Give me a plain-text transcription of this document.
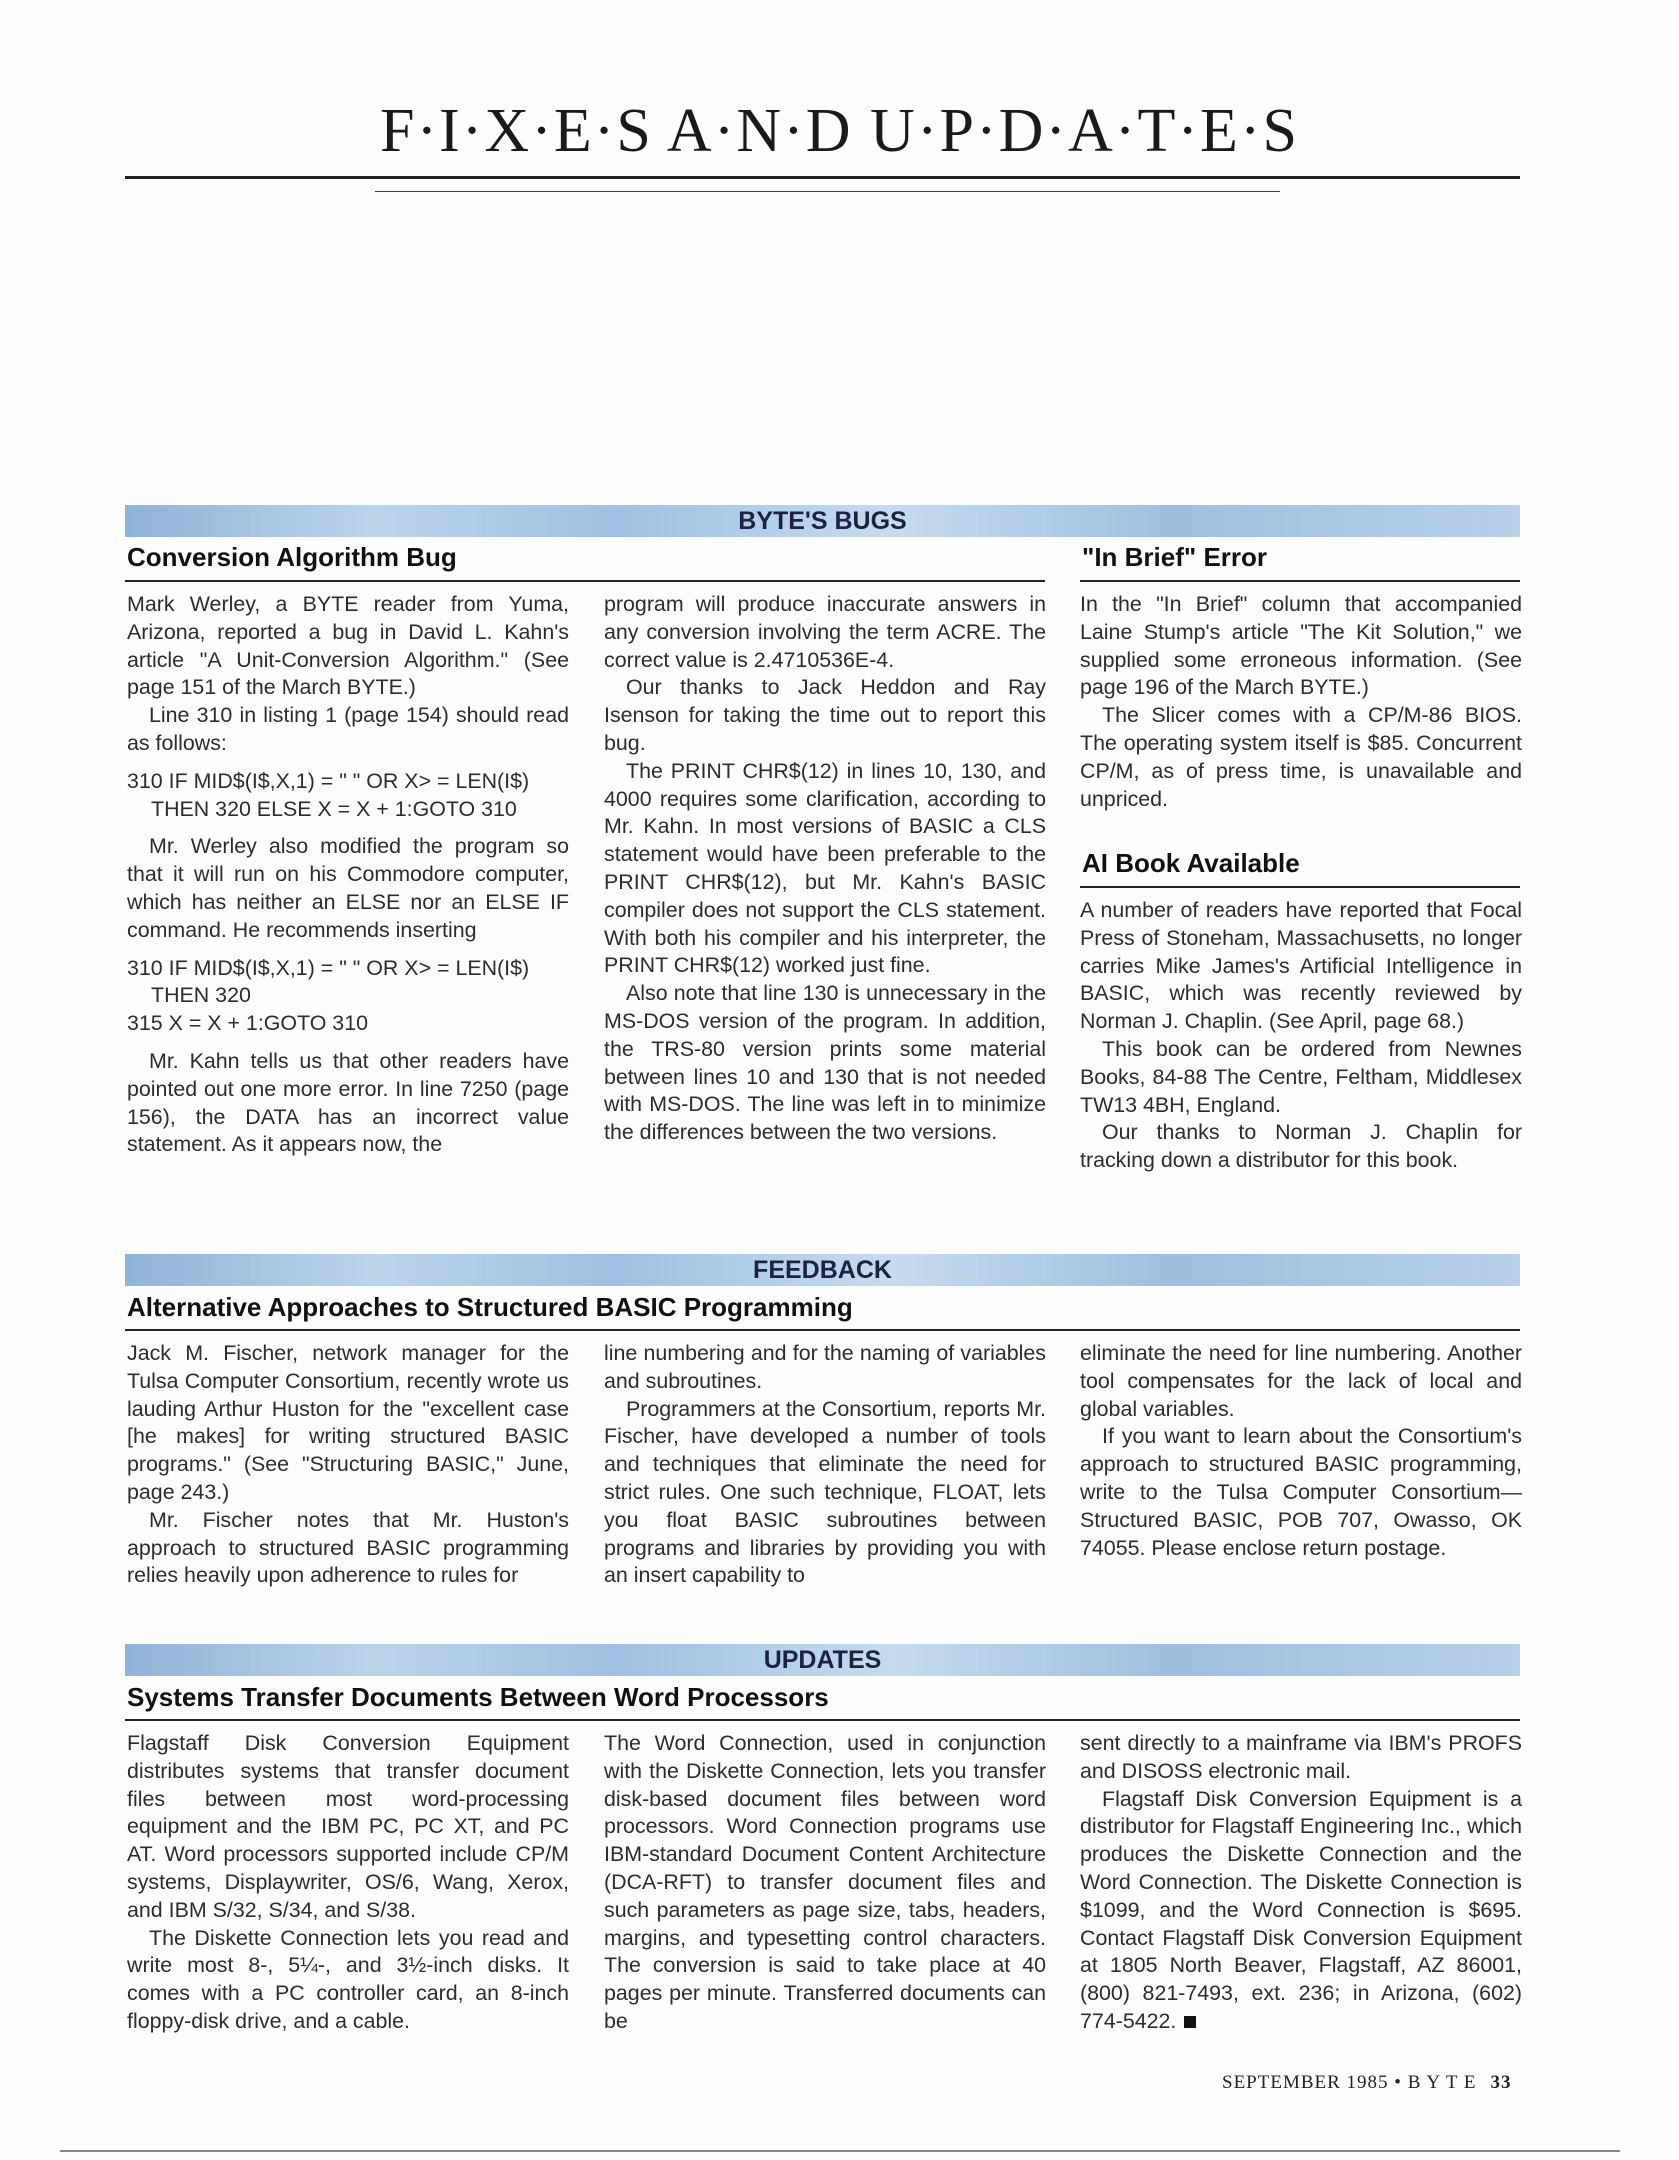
F·I·X·E·S A·N·D U·P·D·A·T·E·S
BYTE'S BUGS
Conversion Algorithm Bug	"In Brief" Error

Mark Werley, a BYTE reader from Yuma, Arizona, reported a bug in David L. Kahn's article "A Unit-Conversion Algorithm." (See page 151 of the March BYTE.)

Line 310 in listing 1 (page 154) should read as follows:

310 IF MID$(I$,X,1) = " " OR X> = LEN(I$)
THEN 320 ELSE X = X + 1:GOTO 310

Mr. Werley also modified the program so that it will run on his Commodore computer, which has neither an ELSE nor an ELSE IF command. He recommends inserting

310 IF MID$(I$,X,1) = " " OR X> = LEN(I$)
THEN 320
315 X = X + 1:GOTO 310

Mr. Kahn tells us that other readers have pointed out one more error. In line 7250 (page 156), the DATA has an incorrect value statement. As it appears now, the

program will produce inaccurate answers in any conversion involving the term ACRE. The correct value is 2.4710536E-4.

Our thanks to Jack Heddon and Ray Isenson for taking the time out to report this bug.

The PRINT CHR$(12) in lines 10, 130, and 4000 requires some clarification, according to Mr. Kahn. In most versions of BASIC a CLS statement would have been preferable to the PRINT CHR$(12), but Mr. Kahn's BASIC compiler does not support the CLS statement. With both his compiler and his interpreter, the PRINT CHR$(12) worked just fine.

Also note that line 130 is unnecessary in the MS-DOS version of the program. In addition, the TRS-80 version prints some material between lines 10 and 130 that is not needed with MS-DOS. The line was left in to minimize the differences between the two versions.

In the "In Brief" column that accompanied Laine Stump's article "The Kit Solution," we supplied some erroneous information. (See page 196 of the March BYTE.)

The Slicer comes with a CP/M-86 BIOS. The operating system itself is $85. Concurrent CP/M, as of press time, is unavailable and unpriced.

AI Book Available

A number of readers have reported that Focal Press of Stoneham, Massachusetts, no longer carries Mike James's Artificial Intelligence in BASIC, which was recently reviewed by Norman J. Chaplin. (See April, page 68.)

This book can be ordered from Newnes Books, 84-88 The Centre, Feltham, Middlesex TW13 4BH, England.

Our thanks to Norman J. Chaplin for tracking down a distributor for this book.

FEEDBACK
Alternative Approaches to Structured BASIC Programming

Jack M. Fischer, network manager for the Tulsa Computer Consortium, recently wrote us lauding Arthur Huston for the "excellent case [he makes] for writing structured BASIC programs." (See "Structuring BASIC," June, page 243.)

Mr. Fischer notes that Mr. Huston's approach to structured BASIC programming relies heavily upon adherence to rules for

line numbering and for the naming of variables and subroutines.

Programmers at the Consortium, reports Mr. Fischer, have developed a number of tools and techniques that eliminate the need for strict rules. One such technique, FLOAT, lets you float BASIC subroutines between programs and libraries by providing you with an insert capability to

eliminate the need for line numbering. Another tool compensates for the lack of local and global variables.

If you want to learn about the Consortium's approach to structured BASIC programming, write to the Tulsa Computer Consortium—Structured BASIC, POB 707, Owasso, OK 74055. Please enclose return postage.

UPDATES
Systems Transfer Documents Between Word Processors

Flagstaff Disk Conversion Equipment distributes systems that transfer document files between most word-processing equipment and the IBM PC, PC XT, and PC AT. Word processors supported include CP/M systems, Displaywriter, OS/6, Wang, Xerox, and IBM S/32, S/34, and S/38.

The Diskette Connection lets you read and write most 8-, 5¼-, and 3½-inch disks. It comes with a PC controller card, an 8-inch floppy-disk drive, and a cable.

The Word Connection, used in conjunction with the Diskette Connection, lets you transfer disk-based document files between word processors. Word Connection programs use IBM-standard Document Content Architecture (DCA-RFT) to transfer document files and such parameters as page size, tabs, headers, margins, and typesetting control characters. The conversion is said to take place at 40 pages per minute. Transferred documents can be

sent directly to a mainframe via IBM's PROFS and DISOSS electronic mail.

Flagstaff Disk Conversion Equipment is a distributor for Flagstaff Engineering Inc., which produces the Diskette Connection and the Word Connection. The Diskette Connection is $1099, and the Word Connection is $695. Contact Flagstaff Disk Conversion Equipment at 1805 North Beaver, Flagstaff, AZ 86001, (800) 821-7493, ext. 236; in Arizona, (602) 774-5422.

SEPTEMBER 1985 • B Y T E 33
